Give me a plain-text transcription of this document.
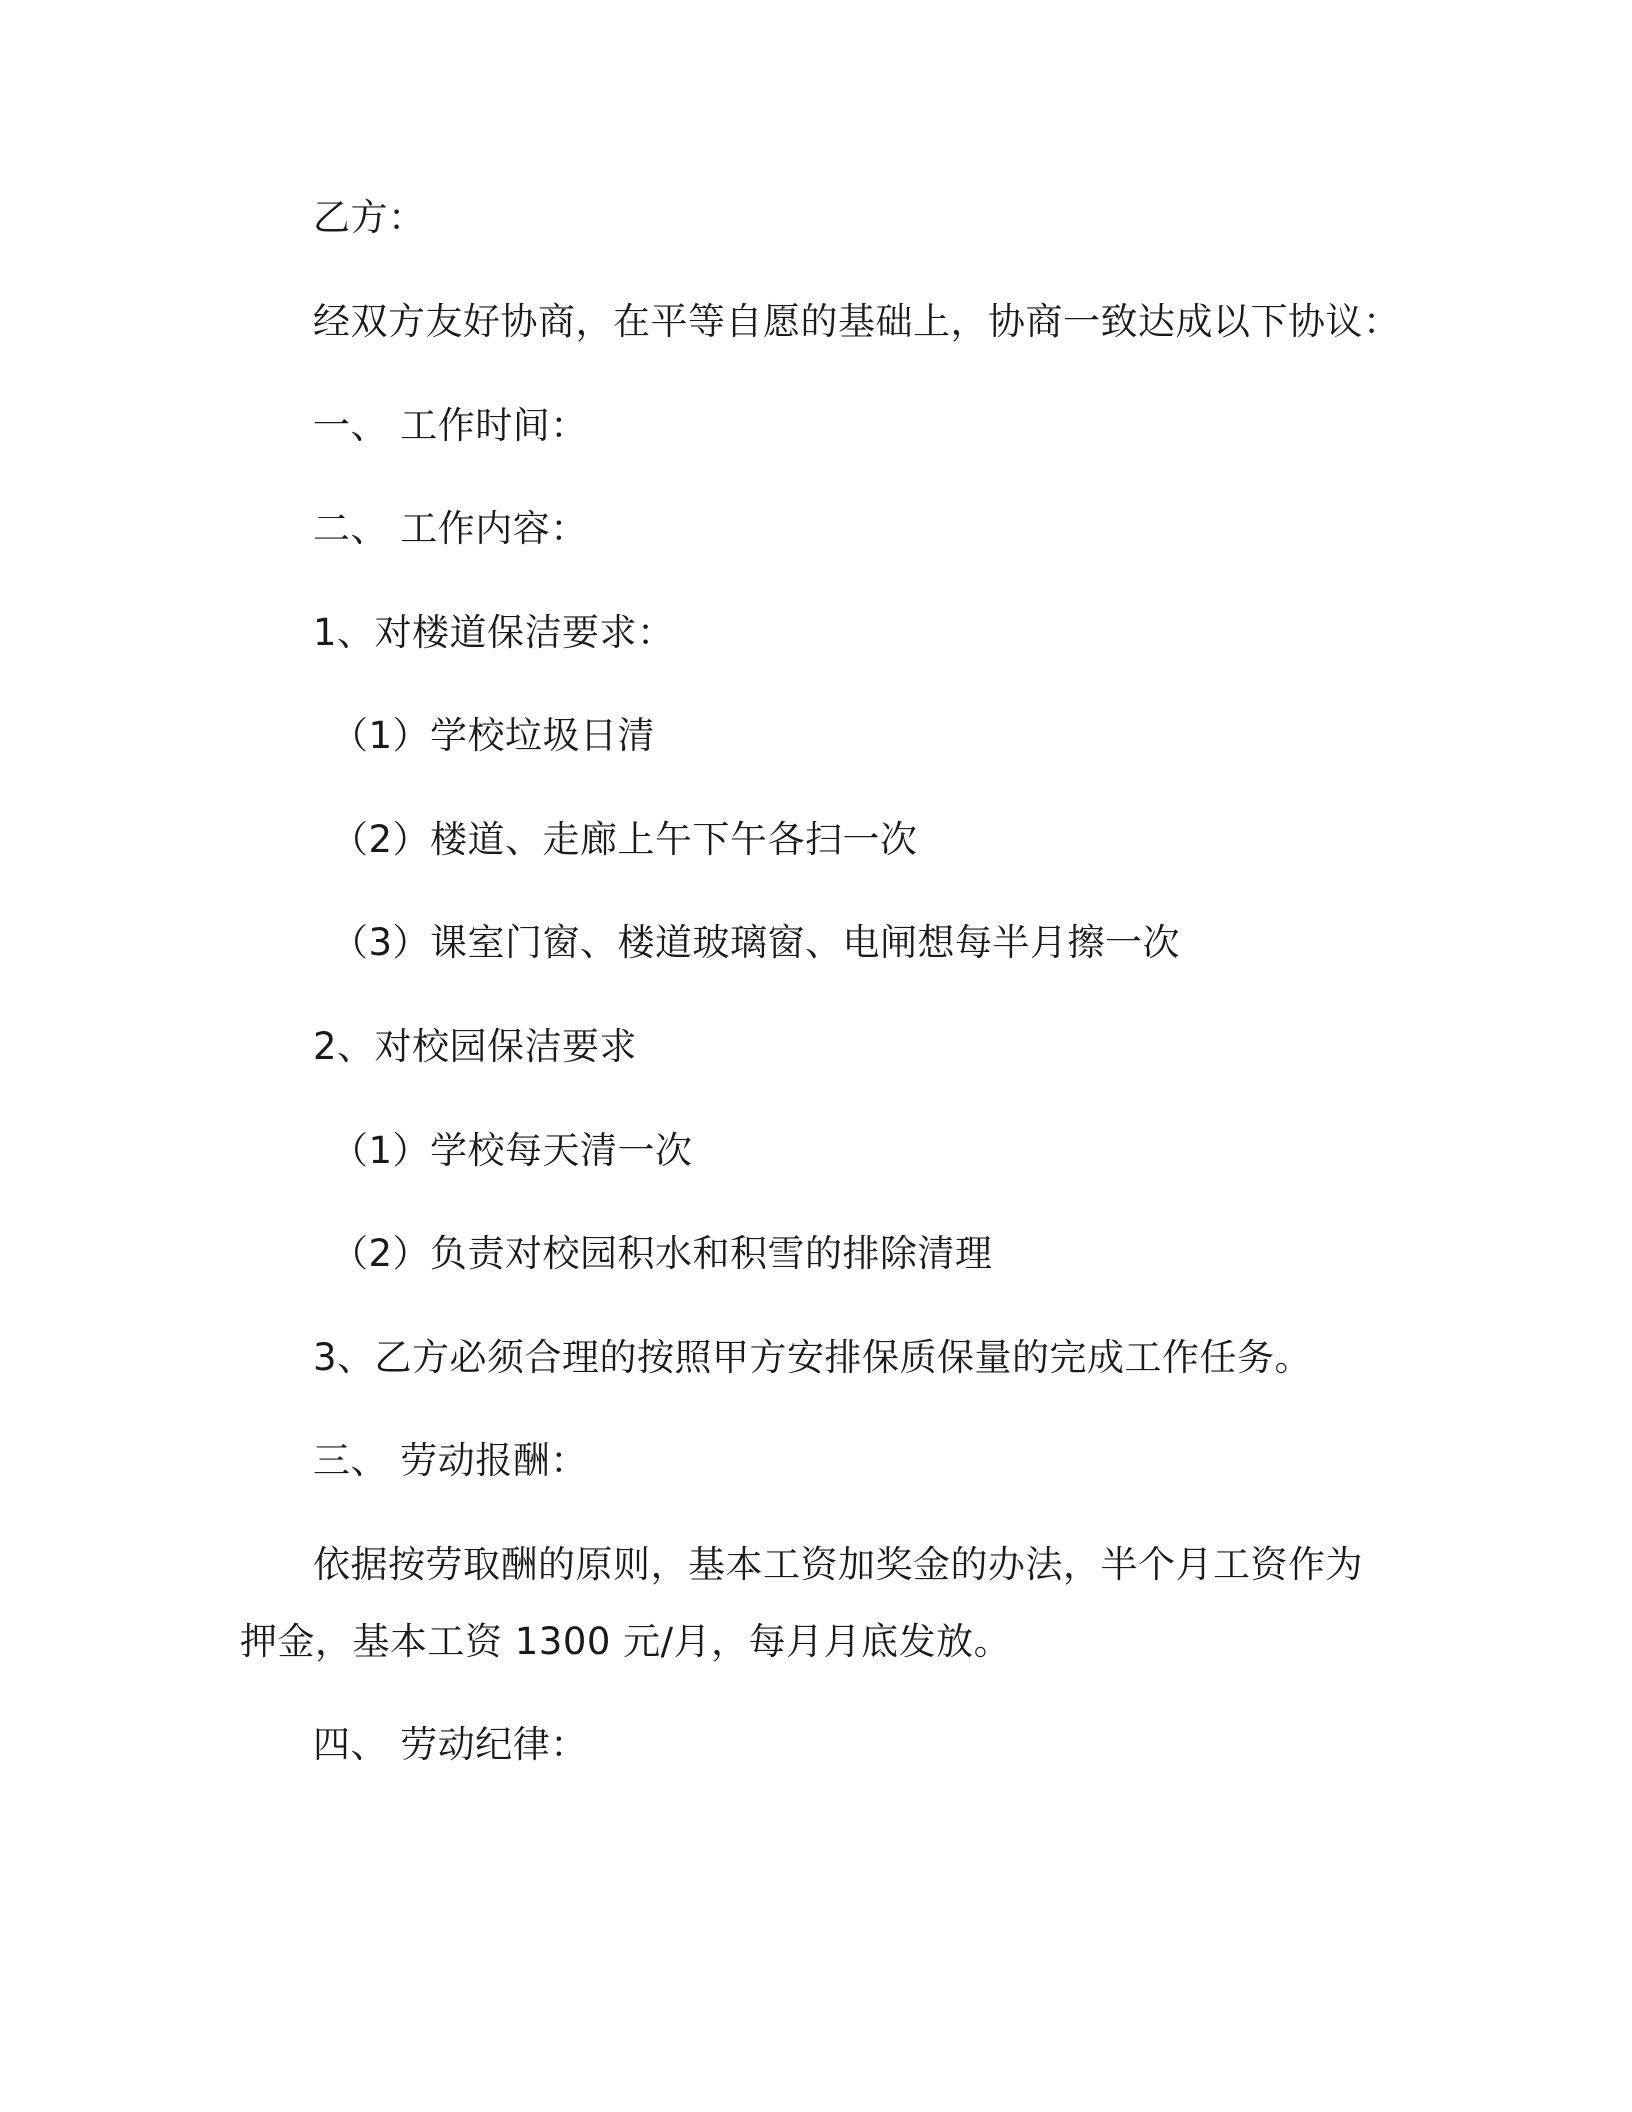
乙方：
经双方友好协商，在平等自愿的基础上，协商一致达成以下协议：
一、 工作时间：
二、 工作内容：
1、对楼道保洁要求：
（1）学校垃圾日清
（2）楼道、走廊上午下午各扫一次
（3）课室门窗、楼道玻璃窗、电闸想每半月擦一次
2、对校园保洁要求
（1）学校每天清一次
（2）负责对校园积水和积雪的排除清理
3、乙方必须合理的按照甲方安排保质保量的完成工作任务。
三、 劳动报酬：
依据按劳取酬的原则，基本工资加奖金的办法，半个月工资作为
押金，基本工资 1300 元/月，每月月底发放。
四、 劳动纪律：
